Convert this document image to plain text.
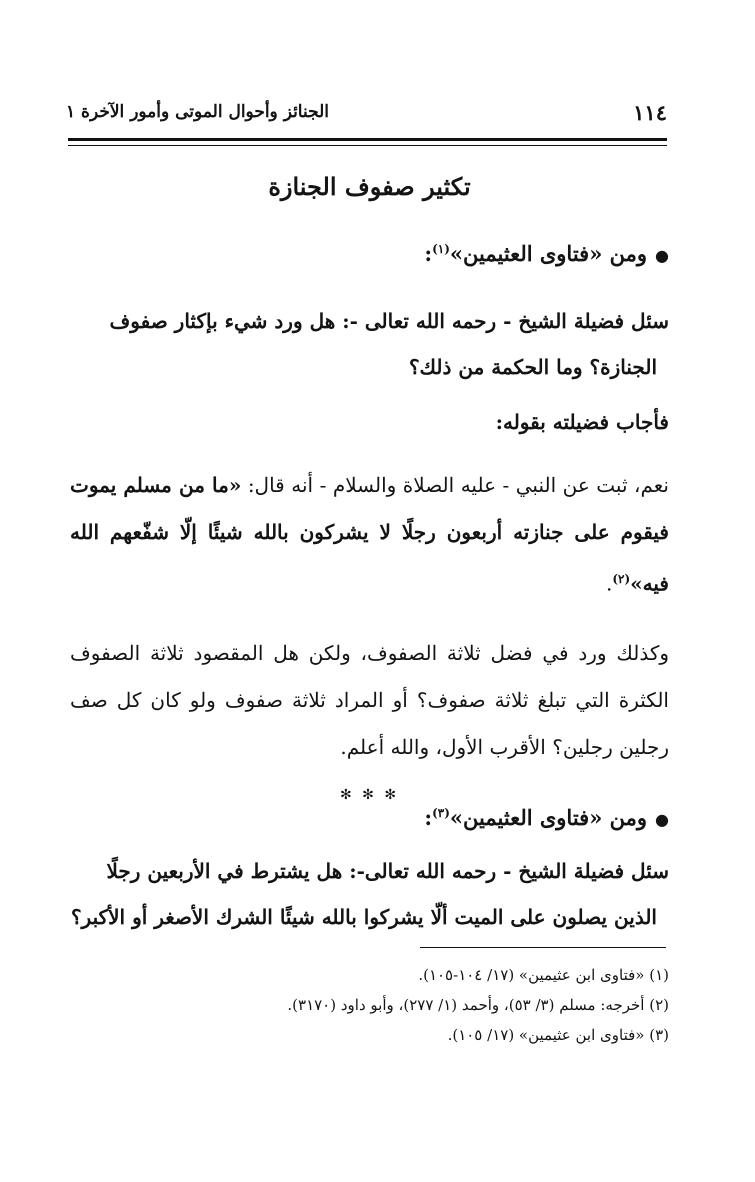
١١٤
الجنائز وأحوال الموتى وأمور الآخرة ١
تكثير صفوف الجنازة

●ومن «فتاوى العثيمين»$^{(١)}$:

سئل فضيلة الشيخ - رحمه الله تعالى -: هل ورد شيء بإكثار صفوف الجنازة؟ وما الحكمة من ذلك؟

فأجاب فضيلته بقوله:

نعم، ثبت عن النبي - عليه الصلاة والسلام - أنه قال: «ما من مسلم يموت فيقوم على جنازته أربعون رجلًا لا يشركون بالله شيئًا إلّا شفّعهم الله فيه»$^{(٢)}$.

وكذلك ورد في فضل ثلاثة الصفوف، ولكن هل المقصود ثلاثة الصفوف الكثرة التي تبلغ ثلاثة صفوف؟ أو المراد ثلاثة صفوف ولو كان كل صف رجلين رجلين؟ الأقرب الأول، والله أعلم.

✻ ✻ ✻

●ومن «فتاوى العثيمين»$^{(٣)}$:

سئل فضيلة الشيخ - رحمه الله تعالى-: هل يشترط في الأربعين رجلًا الذين يصلون على الميت ألّا يشركوا بالله شيئًا الشرك الأصغر أو الأكبر؟

(١) «فتاوى ابن عثيمين» (١٧/ ١٠٤-١٠٥).

(٢) أخرجه: مسلم (٣/ ٥٣)، وأحمد (١/ ٢٧٧)، وأبو داود (٣١٧٠).

(٣) «فتاوى ابن عثيمين» (١٧/ ١٠٥).
